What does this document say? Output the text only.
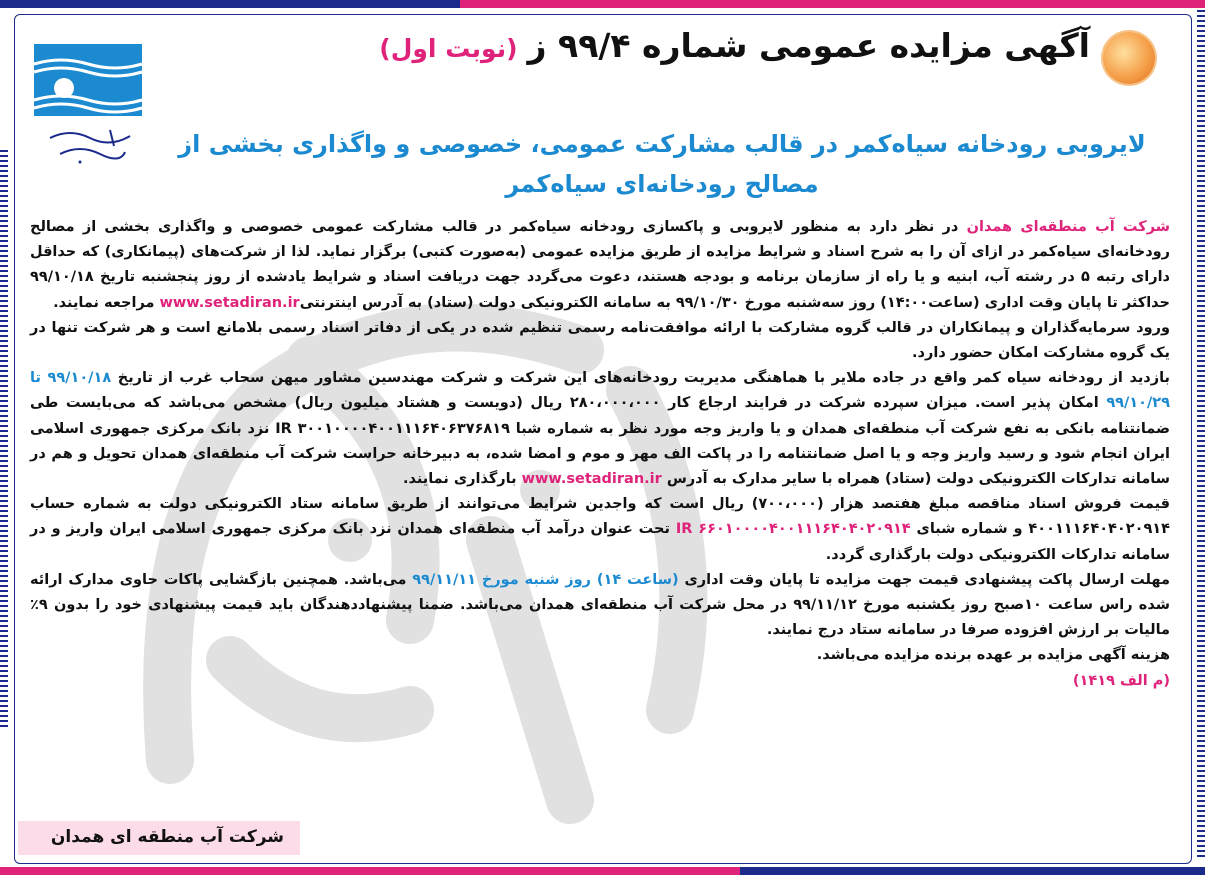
آگهی مزایده عمومی شماره ۹۹/۴ ز(نوبت اول)
لایروبی رودخانه سیاه‌کمر در قالب مشارکت عمومی، خصوصی و واگذاری بخشی از مصالح رودخانه‌ای سیاه‌کمر

شرکت آب منطقه‌ای همدان در نظر دارد به منظور لایروبی و پاکسازی رودخانه سیاه‌کمر در قالب مشارکت عمومی خصوصی و واگذاری بخشی از مصالح رودخانه‌ای سیاه‌کمر در ازای آن را به شرح اسناد و شرایط مزایده از طریق مزایده عمومی (به‌صورت کتبی) برگزار نماید. لذا از شرکت‌های (پیمانکاری) که حداقل دارای رتبه ۵ در رشته آب، ابنیه و یا راه از سازمان برنامه و بودجه هستند، دعوت می‌گردد جهت دریافت اسناد و شرایط یادشده از روز پنجشنبه تاریخ ۹۹/۱۰/۱۸ حداکثر تا پایان وقت اداری (ساعت۱۴:۰۰) روز سه‌شنبه مورخ ۹۹/۱۰/۳۰ به سامانه الکترونیکی دولت (ستاد) به آدرس اینترنتیwww.setadiran.ir مراجعه نمایند.

ورود سرمایه‌گذاران و پیمانکاران در قالب گروه مشارکت با ارائه موافقت‌نامه رسمی تنظیم شده در یکی از دفاتر اسناد رسمی بلامانع است و هر شرکت تنها در یک گروه مشارکت امکان حضور دارد.

بازدید از رودخانه سیاه کمر واقع در جاده ملایر با هماهنگی مدیریت رودخانه‌های این شرکت و شرکت مهندسین مشاور میهن سحاب غرب از تاریخ ۹۹/۱۰/۱۸ تا ۹۹/۱۰/۲۹ امکان پذیر است. میزان سپرده شرکت در فرایند ارجاع کار ۲۸۰،۰۰۰،۰۰۰ ریال (دویست و هشتاد میلیون ریال) مشخص می‌باشد که می‌بایست طی ضمانتنامه بانکی به نفع شرکت آب منطقه‌ای همدان و یا واریز وجه مورد نظر به شماره شبا IR ۳۰۰۱۰۰۰۰۴۰۰۱۱۱۶۴۰۶۳۷۶۸۱۹ نزد بانک مرکزی جمهوری اسلامی ایران انجام شود و رسید واریز وجه و یا اصل ضمانتنامه را در پاکت الف مهر و موم و امضا شده، به دبیرخانه حراست شرکت آب منطقه‌ای همدان تحویل و هم در سامانه تدارکات الکترونیکی دولت (ستاد) همراه با سایر مدارک به آدرس www.setadiran.ir بارگذاری نمایند.

قیمت فروش اسناد مناقصه مبلغ هفتصد هزار (۷۰۰،۰۰۰) ریال است که واجدین شرایط می‌توانند از طریق سامانه ستاد الکترونیکی دولت به شماره حساب ۴۰۰۱۱۱۶۴۰۴۰۲۰۹۱۴ و شماره شبای IR ۶۶۰۱۰۰۰۰۴۰۰۱۱۱۶۴۰۴۰۲۰۹۱۴ تحت عنوان درآمد آب منطقه‌ای همدان نزد بانک مرکزی جمهوری اسلامی ایران واریز و در سامانه تدارکات الکترونیکی دولت بارگذاری گردد.

مهلت ارسال پاکت پیشنهادی قیمت جهت مزایده تا پایان وقت اداری (ساعت ۱۴) روز شنبه مورخ ۹۹/۱۱/۱۱ می‌باشد. همچنین بازگشایی پاکات حاوی مدارک ارائه شده راس ساعت ۱۰صبح روز یکشنبه مورخ ۹۹/۱۱/۱۲ در محل شرکت آب منطقه‌ای همدان می‌باشد. ضمنا پیشنهاددهندگان باید قیمت پیشنهادی خود را بدون ۹٪ مالیات بر ارزش افزوده صرفا در سامانه ستاد درج نمایند.

هزینه آگهی مزایده بر عهده برنده مزایده می‌باشد.

(م الف ۱۴۱۹)

شرکت آب منطقه ای همدان
